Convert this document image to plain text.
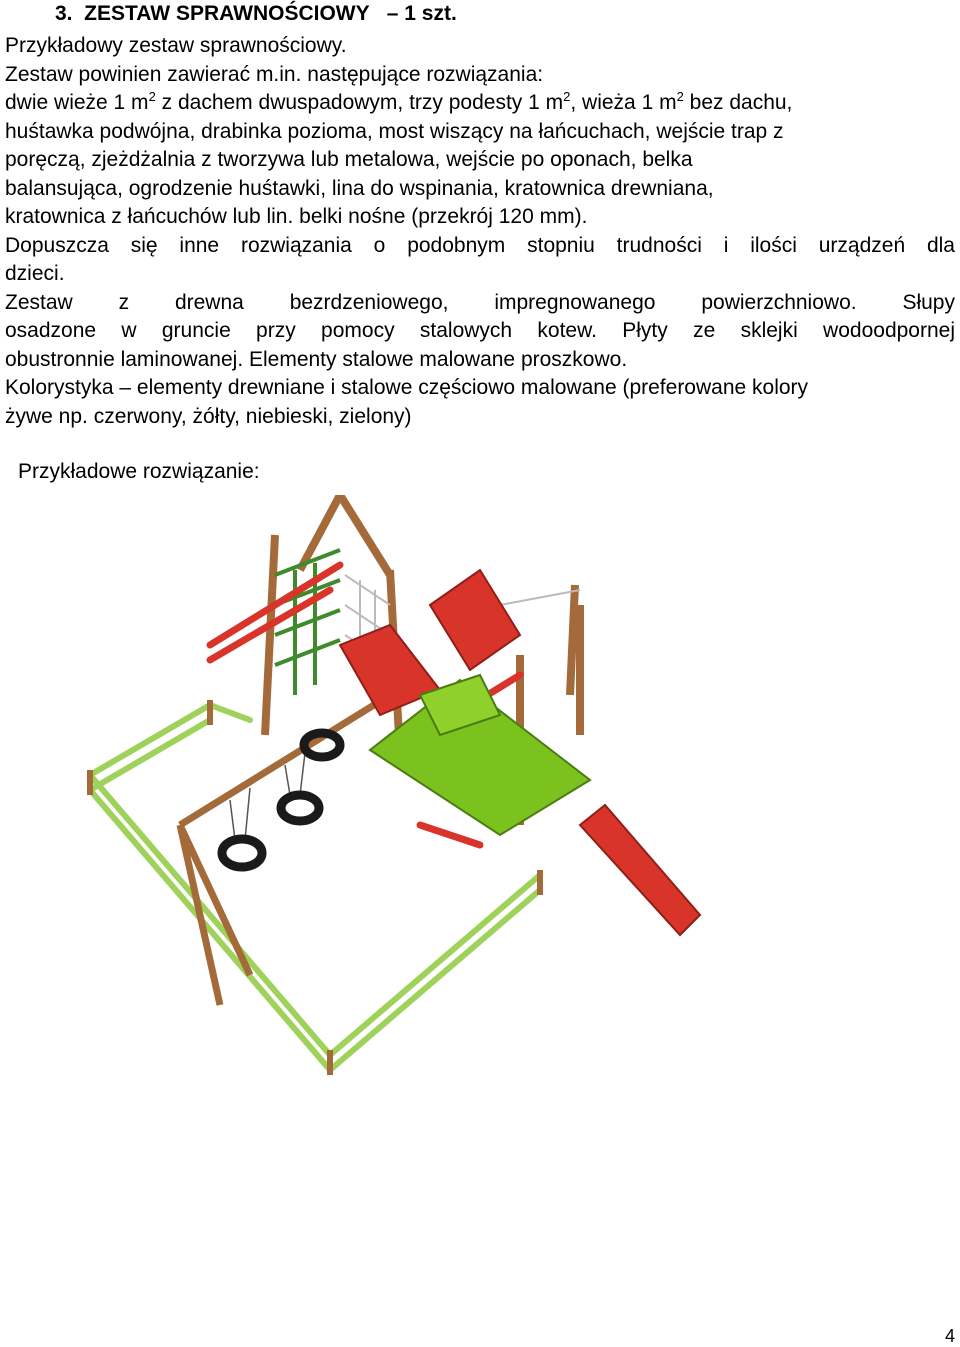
3.  ZESTAW SPRAWNOŚCIOWY   – 1 szt.
Przykładowy zestaw sprawnościowy.
Zestaw powinien zawierać m.in. następujące rozwiązania:
dwie wieże 1 $m^2$ z dachem dwuspadowym, trzy podesty 1 $m^2$, wieża 1 $m^2$ bez dachu,
huśtawka podwójna, drabinka pozioma, most wiszący na łańcuchach, wejście trap z
poręczą, zjeżdżalnia z tworzywa lub metalowa, wejście po oponach, belka
balansująca, ogrodzenie huśtawki, lina do wspinania, kratownica drewniana,
kratownica z łańcuchów lub lin. belki nośne (przekrój 120 mm).
Dopuszcza się inne rozwiązania o podobnym stopniu trudności i ilości urządzeń dla
dzieci.
Zestaw z drewna bezrdzeniowego, impregnowanego powierzchniowo. Słupy
osadzone w gruncie przy pomocy stalowych kotew. Płyty ze sklejki wodoodpornej
obustronnie laminowanej. Elementy stalowe malowane proszkowo.
Kolorystyka – elementy drewniane i stalowe częściowo malowane (preferowane kolory
żywe np. czerwony, żółty, niebieski, zielony)
Przykładowe rozwiązanie:
4
